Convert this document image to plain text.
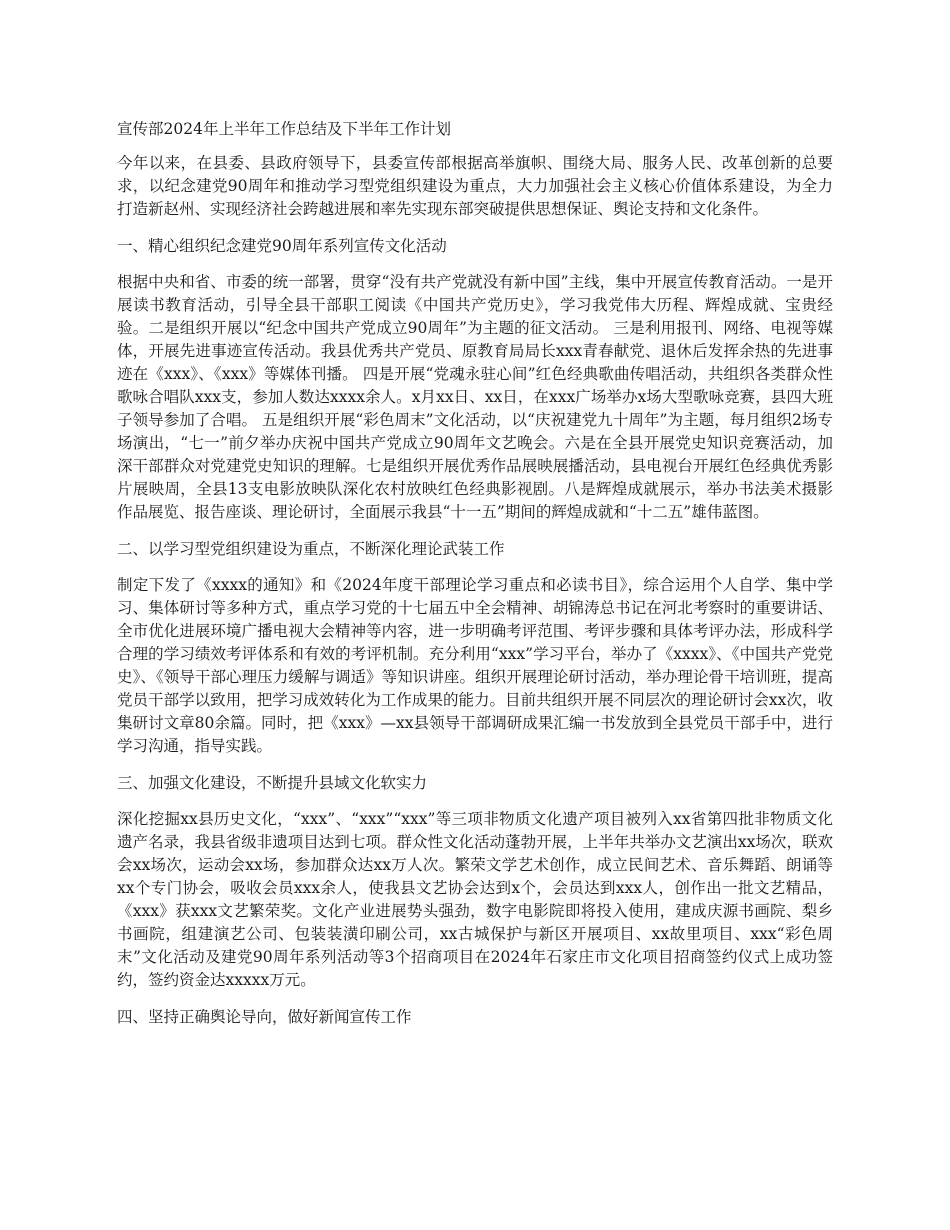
宣传部2024年上半年工作总结及下半年工作计划

今年以来，在县委、县政府领导下，县委宣传部根据高举旗帜、围绕大局、服务人民、改革创新的总要求，以纪念建党90周年和推动学习型党组织建设为重点，大力加强社会主义核心价值体系建设，为全力打造新赵州、实现经济社会跨越进展和率先实现东部突破提供思想保证、舆论支持和文化条件。

一、精心组织纪念建党90周年系列宣传文化活动

根据中央和省、市委的统一部署，贯穿“没有共产党就没有新中国”主线，集中开展宣传教育活动。一是开展读书教育活动，引导全县干部职工阅读《中国共产党历史》，学习我党伟大历程、辉煌成就、宝贵经验。二是组织开展以“纪念中国共产党成立90周年”为主题的征文活动。 三是利用报刊、网络、电视等媒体，开展先进事迹宣传活动。我县优秀共产党员、原教育局局长xxx青春献党、退休后发挥余热的先进事迹在《xxx》、《xxx》等媒体刊播。 四是开展“党魂永驻心间”红色经典歌曲传唱活动，共组织各类群众性歌咏合唱队xxx支，参加人数达xxxx余人。x月xx日、xx日，在xxx广场举办x场大型歌咏竞赛，县四大班子领导参加了合唱。 五是组织开展“彩色周末”文化活动，以“庆祝建党九十周年”为主题，每月组织2场专场演出，“七一”前夕举办庆祝中国共产党成立90周年文艺晚会。六是在全县开展党史知识竞赛活动，加深干部群众对党建党史知识的理解。七是组织开展优秀作品展映展播活动，县电视台开展红色经典优秀影片展映周，全县13支电影放映队深化农村放映红色经典影视剧。八是辉煌成就展示，举办书法美术摄影作品展览、报告座谈、理论研讨，全面展示我县“十一五”期间的辉煌成就和“十二五”雄伟蓝图。

二、以学习型党组织建设为重点，不断深化理论武装工作

制定下发了《xxxx的通知》和《2024年度干部理论学习重点和必读书目》，综合运用个人自学、集中学习、集体研讨等多种方式，重点学习党的十七届五中全会精神、胡锦涛总书记在河北考察时的重要讲话、全市优化进展环境广播电视大会精神等内容，进一步明确考评范围、考评步骤和具体考评办法，形成科学合理的学习绩效考评体系和有效的考评机制。充分利用“xxx”学习平台，举办了《xxxx》、《中国共产党党史》、《领导干部心理压力缓解与调适》等知识讲座。组织开展理论研讨活动，举办理论骨干培训班，提高党员干部学以致用，把学习成效转化为工作成果的能力。目前共组织开展不同层次的理论研讨会xx次，收集研讨文章80余篇。同时，把《xxx》—xx县领导干部调研成果汇编一书发放到全县党员干部手中，进行学习沟通，指导实践。

三、加强文化建设，不断提升县域文化软实力

深化挖掘xx县历史文化，“xxx”、“xxx”“xxx”等三项非物质文化遗产项目被列入xx省第四批非物质文化遗产名录，我县省级非遗项目达到七项。群众性文化活动蓬勃开展，上半年共举办文艺演出xx场次，联欢会xx场次，运动会xx场，参加群众达xx万人次。繁荣文学艺术创作，成立民间艺术、音乐舞蹈、朗诵等xx个专门协会，吸收会员xxx余人，使我县文艺协会达到x个，会员达到xxx人，创作出一批文艺精品，《xxx》获xxx文艺繁荣奖。文化产业进展势头强劲，数字电影院即将投入使用，建成庆源书画院、梨乡书画院，组建演艺公司、包装装潢印刷公司，xx古城保护与新区开展项目、xx故里项目、xxx“彩色周末”文化活动及建党90周年系列活动等3个招商项目在2024年石家庄市文化项目招商签约仪式上成功签约，签约资金达xxxxx万元。

四、坚持正确舆论导向，做好新闻宣传工作
